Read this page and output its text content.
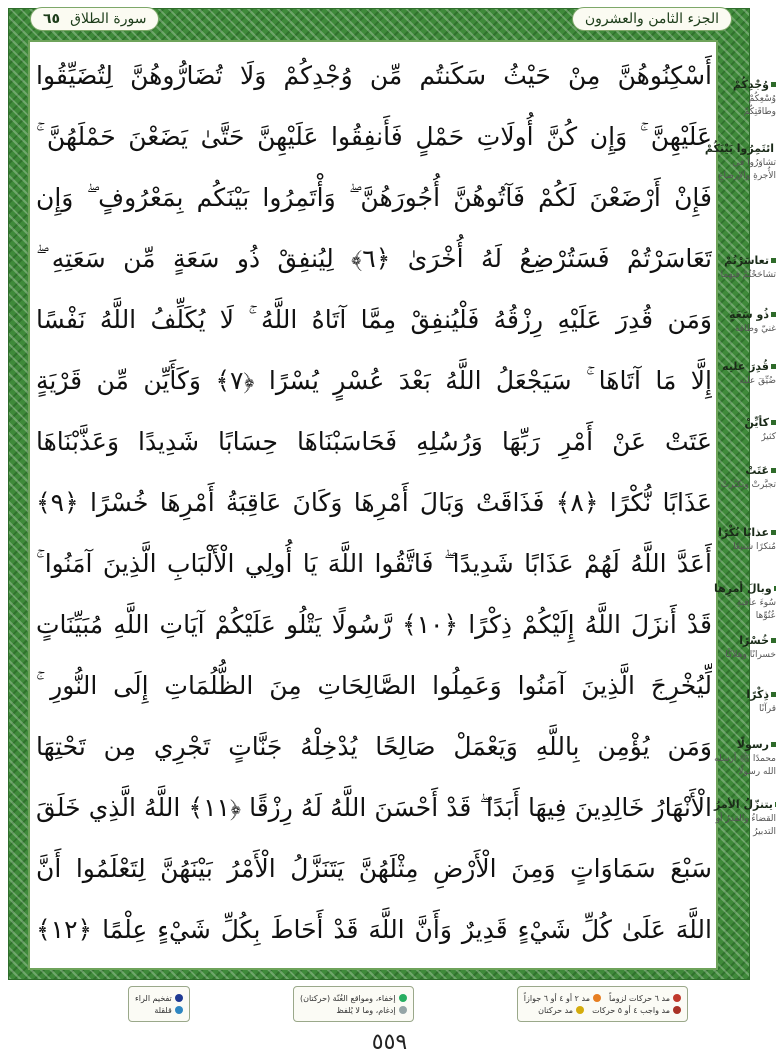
سورة الطلاق
٦٥	الجزء الثامن والعشرون
أَسْكِنُوهُنَّ مِنْ حَيْثُ سَكَنتُم مِّن وُجْدِكُمْ وَلَا تُضَارُّوهُنَّ لِتُضَيِّقُوا
عَلَيْهِنَّ ۚ وَإِن كُنَّ أُولَاتِ حَمْلٍ فَأَنفِقُوا عَلَيْهِنَّ حَتَّىٰ يَضَعْنَ حَمْلَهُنَّ ۚ
فَإِنْ أَرْضَعْنَ لَكُمْ فَآتُوهُنَّ أُجُورَهُنَّ ۖ وَأْتَمِرُوا بَيْنَكُم بِمَعْرُوفٍ ۖ وَإِن
تَعَاسَرْتُمْ فَسَتُرْضِعُ لَهُ أُخْرَىٰ ﴿٦﴾ لِيُنفِقْ ذُو سَعَةٍ مِّن سَعَتِهِ ۖ
وَمَن قُدِرَ عَلَيْهِ رِزْقُهُ فَلْيُنفِقْ مِمَّا آتَاهُ اللَّهُ ۚ لَا يُكَلِّفُ اللَّهُ نَفْسًا
إِلَّا مَا آتَاهَا ۚ سَيَجْعَلُ اللَّهُ بَعْدَ عُسْرٍ يُسْرًا ﴿٧﴾ وَكَأَيِّن مِّن قَرْيَةٍ
عَتَتْ عَنْ أَمْرِ رَبِّهَا وَرُسُلِهِ فَحَاسَبْنَاهَا حِسَابًا شَدِيدًا وَعَذَّبْنَاهَا
عَذَابًا نُّكْرًا ﴿٨﴾ فَذَاقَتْ وَبَالَ أَمْرِهَا وَكَانَ عَاقِبَةُ أَمْرِهَا خُسْرًا ﴿٩﴾
أَعَدَّ اللَّهُ لَهُمْ عَذَابًا شَدِيدًا ۖ فَاتَّقُوا اللَّهَ يَا أُولِي الْأَلْبَابِ الَّذِينَ آمَنُوا ۚ
قَدْ أَنزَلَ اللَّهُ إِلَيْكُمْ ذِكْرًا ﴿١٠﴾ رَّسُولًا يَتْلُو عَلَيْكُمْ آيَاتِ اللَّهِ مُبَيِّنَاتٍ
لِّيُخْرِجَ الَّذِينَ آمَنُوا وَعَمِلُوا الصَّالِحَاتِ مِنَ الظُّلُمَاتِ إِلَى النُّورِ ۚ
وَمَن يُؤْمِن بِاللَّهِ وَيَعْمَلْ صَالِحًا يُدْخِلْهُ جَنَّاتٍ تَجْرِي مِن تَحْتِهَا
الْأَنْهَارُ خَالِدِينَ فِيهَا أَبَدًا ۖ قَدْ أَحْسَنَ اللَّهُ لَهُ رِزْقًا ﴿١١﴾ اللَّهُ الَّذِي خَلَقَ
سَبْعَ سَمَاوَاتٍ وَمِنَ الْأَرْضِ مِثْلَهُنَّ يَتَنَزَّلُ الْأَمْرُ بَيْنَهُنَّ لِتَعْلَمُوا أَنَّ
اللَّهَ عَلَىٰ كُلِّ شَيْءٍ قَدِيرٌ وَأَنَّ اللَّهَ قَدْ أَحَاطَ بِكُلِّ شَيْءٍ عِلْمًا ﴿١٢﴾
وُجْدِكُمْ
وُسْعِكُمْ وطاقَتِكُمْ
ائتَمِرُوا بَيْنَكُمْ
تشاوَرُوا في الأُجرةِ والإرضاعِ
تعاسَرْتُمْ
تشاحَحْتُمْ فيهما
ذُو سَعَةٍ
غنيّ وطاقة
قُدِرَ عليه
ضُيِّقَ عليه
كأيِّنْ
كثيرٌ
عَتَتْ
تجبَّرتْ وتكبَّرتْ
عذابًا نُكْرًا
مُنكرًا شنيعًا
وبالَ أمرِها
سُوءَ عاقبةِ عُتُوِّها
خُسْرًا
خسرانًا وهلاكًا
ذِكْرًا
قرآنًا
رسولًا
محمدًا ﷺ أرسله الله رسولًا
يتنزّلُ الأمرُ
القضاءُ والقدرُ أو التدبيرُ
مد ٦ حركات لزوماً
مد ٢ أو ٤ أو ٦ جوازاً
مد واجب ٤ أو ٥ حركات
مد حركتان
إخفاء، ومواقع الغُنّة (حركتان)
إدغام، وما لا يُلفظ
تفخيم الراء
قلقلة
٥٥٩
